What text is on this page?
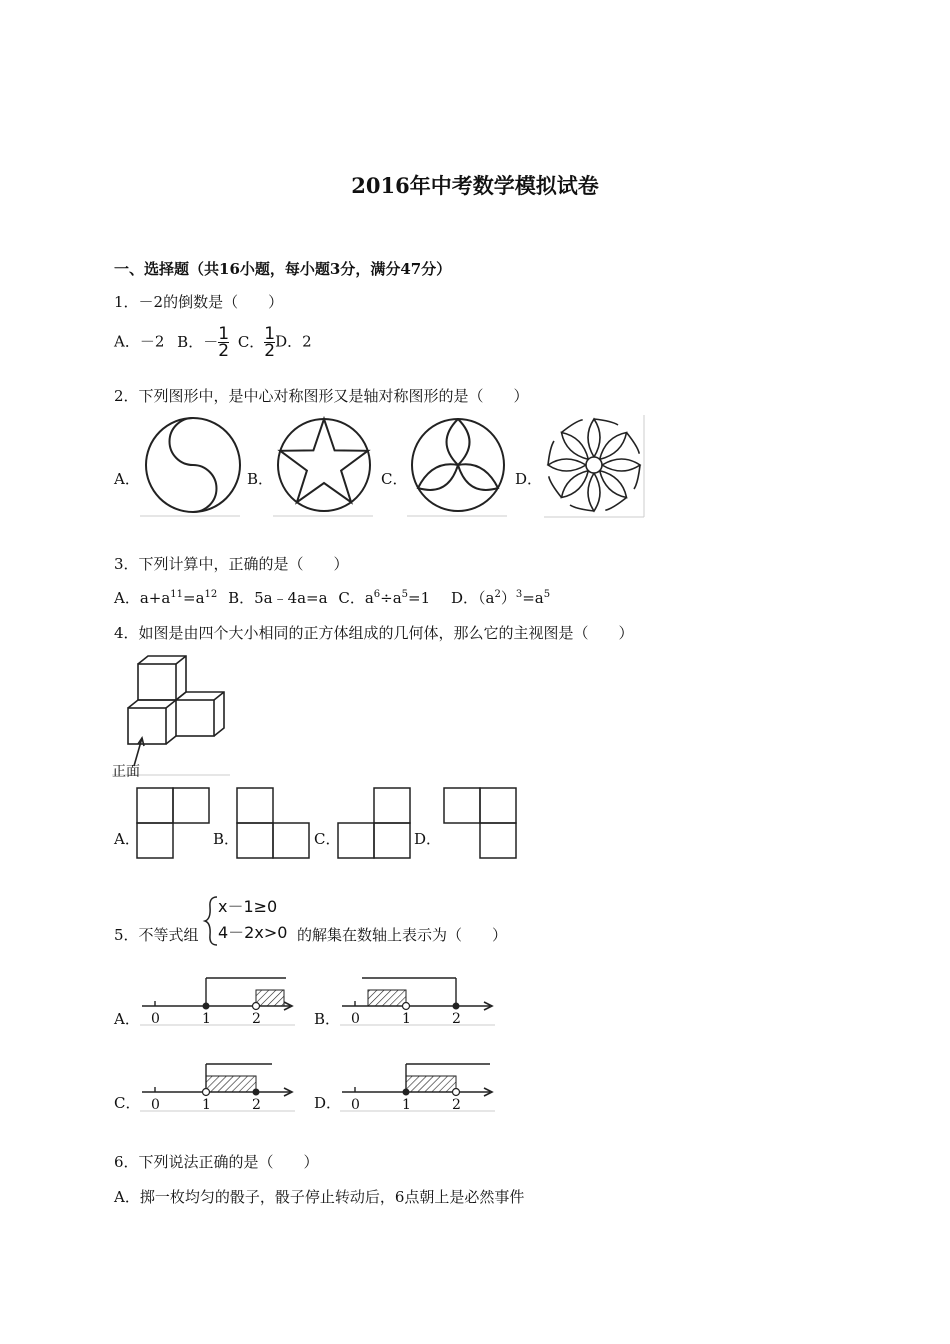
2016年中考数学模拟试卷
一、选择题（共16小题，每小题3分，满分47分）
1．－2的倒数是（　　）
A．－2 B．－ $\frac{1}{2}$ C． $\frac{1}{2}$ D．2
2．下列图形中，是中心对称图形又是轴对称图形的是（　　）
A．	B．	C．	D．
3．下列计算中，正确的是（　　）
A．$a+a^{11}=a^{12}$ B．5a﹣4a=a C．$a^6\div a^5=1$ D．$(a^2)^3=a^5$
4．如图是由四个大小相同的正方体组成的几何体，那么它的主视图是（　　）
正面
A．	B．	C．	D．
5．不等式组
x－1≥0
4－2x>0 的解集在数轴上表示为（　　）
A．	B．
C．	D．
0	1	2	0	1	2
0	1	2	0	1	2
6．下列说法正确的是（　　）
A．掷一枚均匀的骰子，骰子停止转动后，6点朝上是必然事件
